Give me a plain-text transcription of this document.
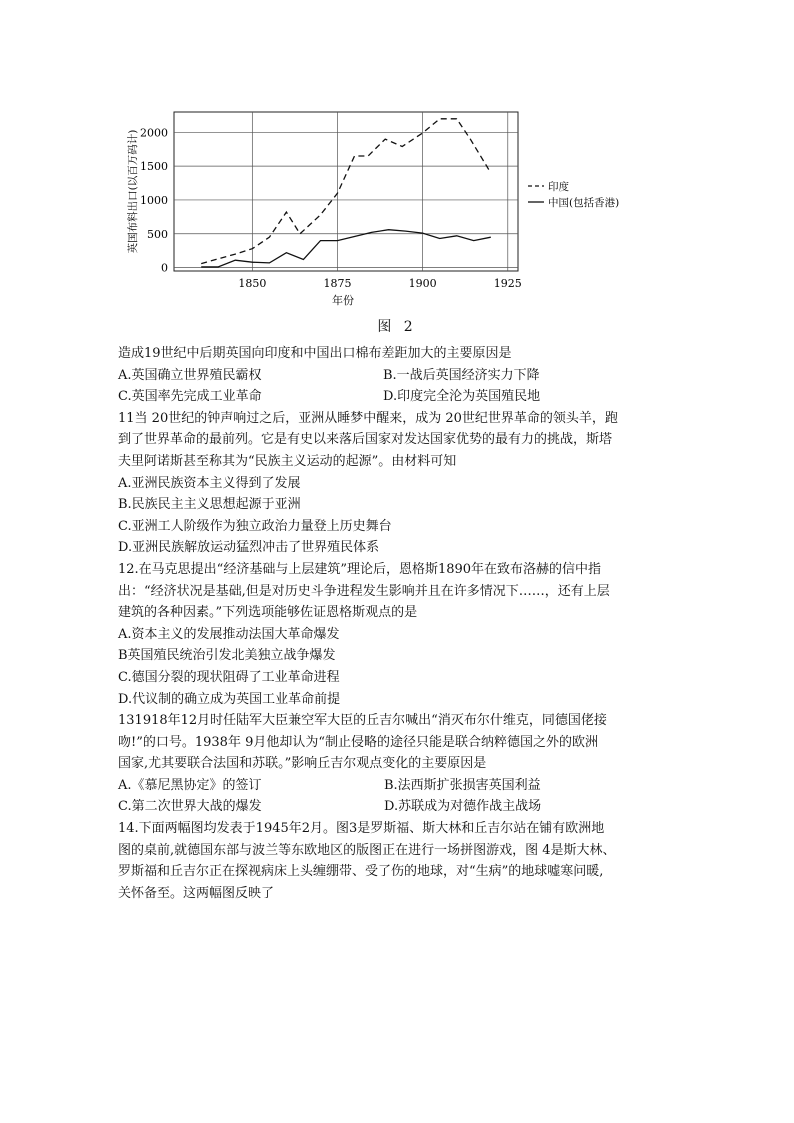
英国布料出口(以百万码计)
0
500
1000
1500
2000
1850	1875	1900	1925
印度
中国(包括香港)
年份
图 2
造成19世纪中后期英国向印度和中国出口棉布差距加大的主要原因是
A.英国确立世界殖民霸权	B.一战后英国经济实力下降
C.英国率先完成工业革命	D.印度完全沦为英国殖民地
11当 20世纪的钟声响过之后，亚洲从睡梦中醒来，成为 20世纪世界革命的领头羊，跑
到了世界革命的最前列。它是有史以来落后国家对发达国家优势的最有力的挑战，斯塔
夫里阿诺斯甚至称其为“民族主义运动的起源”。由材料可知
A.亚洲民族资本主义得到了发展
B.民族民主主义思想起源于亚洲
C.亚洲工人阶级作为独立政治力量登上历史舞台
D.亚洲民族解放运动猛烈冲击了世界殖民体系
12.在马克思提出“经济基础与上层建筑”理论后，恩格斯1890年在致布洛赫的信中指
出：“经济状况是基础,但是对历史斗争进程发生影响并且在许多情况下……，还有上层
建筑的各种因素。”下列选项能够佐证恩格斯观点的是
A.资本主义的发展推动法国大革命爆发
B英国殖民统治引发北美独立战争爆发
C.德国分裂的现状阻碍了工业革命进程
D.代议制的确立成为英国工业革命前提
131918年12月时任陆军大臣兼空军大臣的丘吉尔喊出“消灭布尔什维克，同德国佬接
吻!”的口号。1938年 9月他却认为“制止侵略的途径只能是联合纳粹德国之外的欧洲
国家,尤其要联合法国和苏联。”影响丘吉尔观点变化的主要原因是
A.《慕尼黑协定》的签订	B.法西斯扩张损害英国利益
C.第二次世界大战的爆发	D.苏联成为对德作战主战场
14.下面两幅图均发表于1945年2月。图3是罗斯福、斯大林和丘吉尔站在铺有欧洲地
图的桌前,就德国东部与波兰等东欧地区的版图正在进行一场拼图游戏，图 4是斯大林、
罗斯福和丘吉尔正在探视病床上头缠绷带、受了伤的地球，对“生病”的地球嘘寒问暖,
关怀备至。这两幅图反映了
